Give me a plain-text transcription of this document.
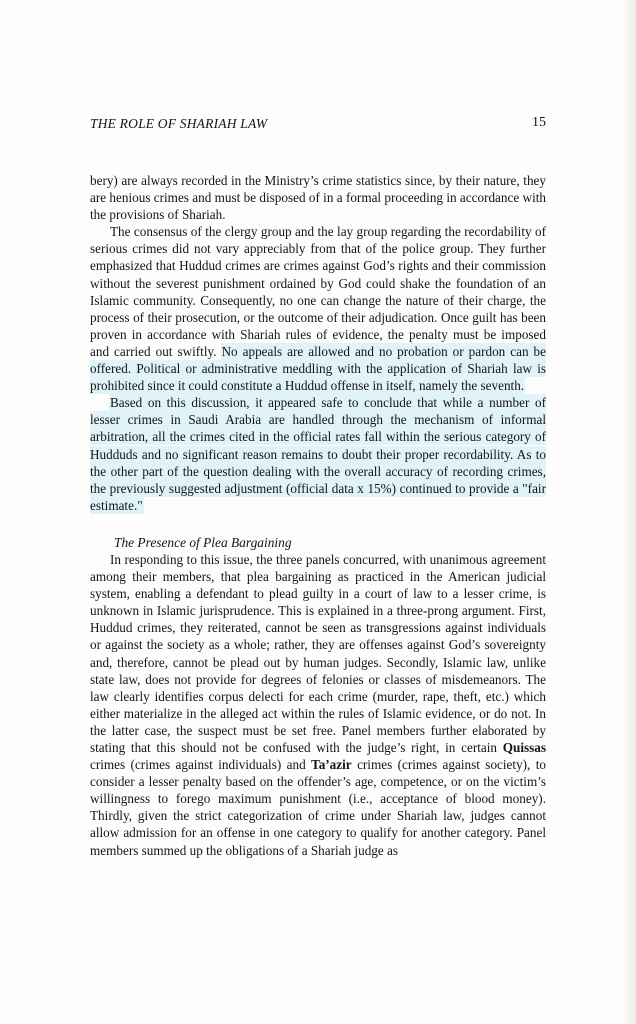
THE ROLE OF SHARIAH LAW	15

bery) are always recorded in the Ministry’s crime statistics since, by their nature, they are henious crimes and must be disposed of in a formal proceeding in accordance with the provisions of Shariah.

The consensus of the clergy group and the lay group regarding the recordability of serious crimes did not vary appreciably from that of the police group. They further emphasized that Huddud crimes are crimes against God’s rights and their commission without the severest punishment ordained by God could shake the foundation of an Islamic community. Consequently, no one can change the nature of their charge, the process of their prosecution, or the outcome of their adjudication. Once guilt has been proven in accordance with Shariah rules of evidence, the penalty must be imposed and carried out swiftly. No appeals are allowed and no probation or pardon can be offered. Political or administrative meddling with the application of Shariah law is prohibited since it could constitute a Huddud offense in itself, namely the seventh.

Based on this discussion, it appeared safe to conclude that while a number of lesser crimes in Saudi Arabia are handled through the mechanism of informal arbitration, all the crimes cited in the official rates fall within the serious category of Hudduds and no significant reason remains to doubt their proper recordability. As to the other part of the question dealing with the overall accuracy of recording crimes, the previously suggested adjustment (official data x 15%) continued to provide a "fair estimate."

The Presence of Plea Bargaining

In responding to this issue, the three panels concurred, with unanimous agreement among their members, that plea bargaining as practiced in the American judicial system, enabling a defendant to plead guilty in a court of law to a lesser crime, is unknown in Islamic jurisprudence. This is explained in a three-prong argument. First, Huddud crimes, they reiterated, cannot be seen as transgressions against individuals or against the society as a whole; rather, they are offenses against God’s sovereignty and, therefore, cannot be plead out by human judges. Secondly, Islamic law, unlike state law, does not provide for degrees of felonies or classes of misdemeanors. The law clearly identifies corpus delecti for each crime (murder, rape, theft, etc.) which either materialize in the alleged act within the rules of Islamic evidence, or do not. In the latter case, the suspect must be set free. Panel members further elaborated by stating that this should not be confused with the judge’s right, in certain Quissas crimes (crimes against individuals) and Ta’azir crimes (crimes against society), to consider a lesser penalty based on the offender’s age, competence, or on the victim’s willingness to forego maximum punishment (i.e., acceptance of blood money). Thirdly, given the strict categorization of crime under Shariah law, judges cannot allow admission for an offense in one category to qualify for another category. Panel members summed up the obligations of a Shariah judge as
